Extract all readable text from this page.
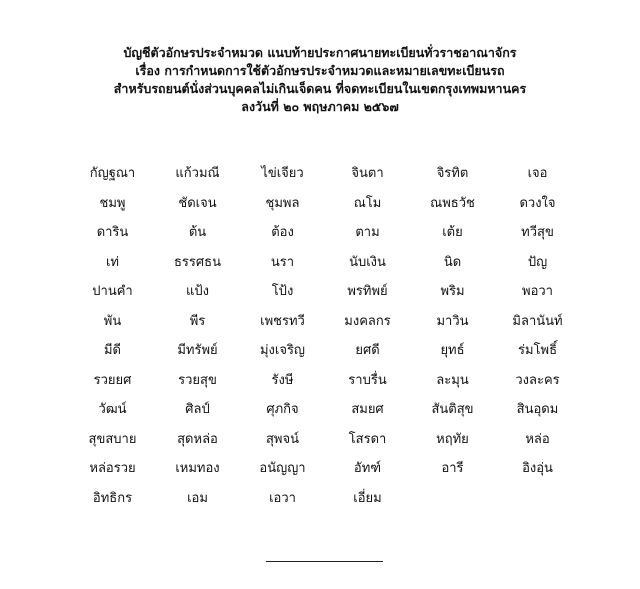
บัญชีตัวอักษรประจำหมวด แนบท้ายประกาศนายทะเบียนทั่วราชอาณาจักร
เรื่อง การกำหนดการใช้ตัวอักษรประจำหมวดและหมายเลขทะเบียนรถ
สำหรับรถยนต์นั่งส่วนบุคคลไม่เกินเจ็ดคน ที่จดทะเบียนในเขตกรุงเทพมหานคร
ลงวันที่ ๒๐ พฤษภาคม ๒๕๖๗
กัญฐณา	แก้วมณี	ไข่เจียว	จินตา	จิรทิต	เจอ
ชมพู	ชัดเจน	ชุมพล	ณโม	ณพธวัช	ดวงใจ
ดาริน	ต้น	ต้อง	ตาม	เต้ย	ทวีสุข
เท่	ธรรศธน	นรา	นับเงิน	นิด	ปัญ
ปานคำ	แป้ง	โป้ง	พรทิพย์	พริม	พอวา
พัน	พีร	เพชรทวี	มงคลกร	มาวิน	มิลานันท์
มีดี	มีทรัพย์	มุ่งเจริญ	ยศดี	ยุทธ์	ร่มโพธิ์
รวยยศ	รวยสุข	รังษี	ราบรื่น	ละมุน	วงละคร
วัฒน์	ศิลป์	ศุภกิจ	สมยศ	สันติสุข	สินอุดม
สุขสบาย	สุดหล่อ	สุพจน์	โสรดา	หฤทัย	หล่อ
หล่อรวย	เหมทอง	อนัญญา	อัทฑ์	อารี	อิงอุ่น
อิทธิกร	เอม	เอวา	เอี่ยม
